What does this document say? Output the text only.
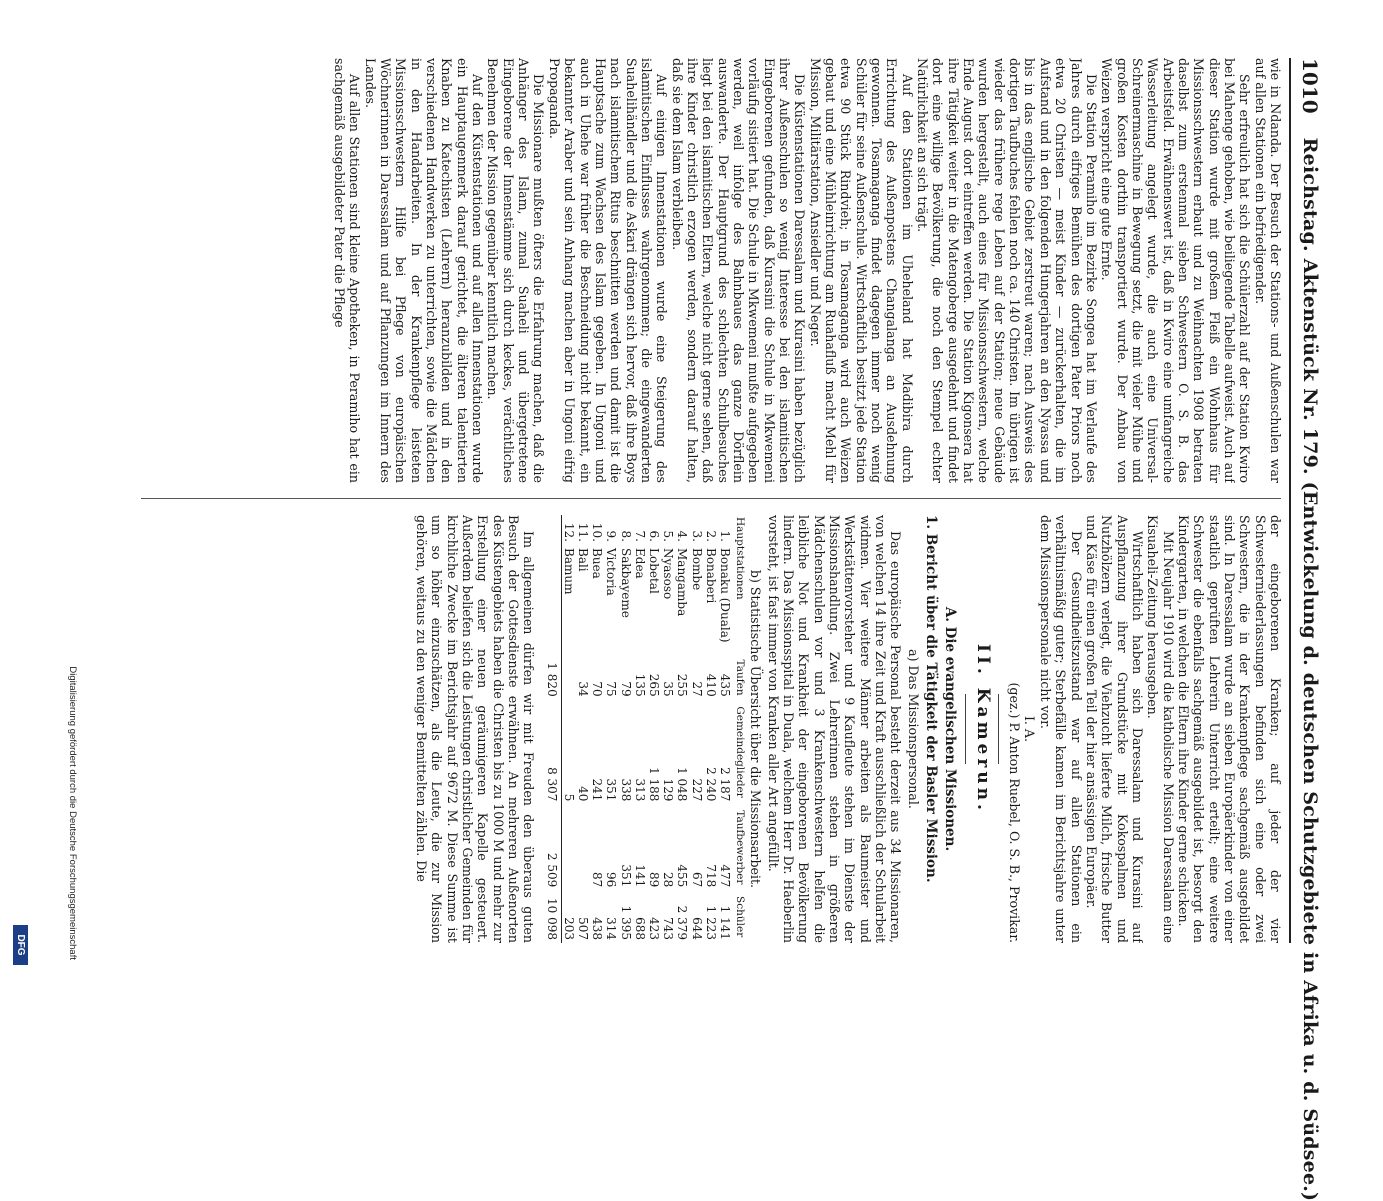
1010
Reichstag. Aktenstück Nr. 179. (Entwickelung d. deutschen Schutzgebiete in Afrika u. d. Südsee.)

wie in Ndanda. Der Besuch der Stations- und Außenschulen war auf allen Stationen ein befriedigender.

Sehr erfreulich hat sich die Schülerzahl auf der Station Kwiro bei Mahenge gehoben, wie beiliegende Tabelle aufweist. Auch auf dieser Station wurde mit großem Fleiß ein Wohnhaus für Missionsschwestern erbaut und zu Weihnachten 1908 betraten daselbst zum erstenmal sieben Schwestern O. S. B. das Arbeitsfeld. Erwähnenswert ist, daß in Kwiro eine umfangreiche Wasserleitung angelegt wurde, die auch eine Universal-Schreinermaschine in Bewegung setzt, die mit vieler Mühe und großen Kosten dorthin transportiert wurde. Der Anbau von Weizen verspricht eine gute Ernte.

Die Station Peramiho im Bezirke Songea hat im Verlaufe des Jahres durch eifriges Bemühen des dortigen Pater Priors noch etwa 20 Christen — meist Kinder — zurückerhalten, die im Aufstand und in den folgenden Hungerjahren an den Nyassa und bis in das englische Gebiet zerstreut waren; nach Ausweis des dortigen Taufbuches fehlen noch ca. 140 Christen. Im übrigen ist wieder das frühere rege Leben auf der Station; neue Gebäude wurden hergestellt, auch eines für Missionsschwestern, welche Ende August dort eintreffen werden. Die Station Kigonsera hat ihre Tätigkeit weiter in die Matengoberge ausgedehnt und findet dort eine willige Bevölkerung, die noch den Stempel echter Natürlichkeit an sich trägt.

Auf den Stationen im Uheheland hat Madibira durch Errichtung des Außenpostens Changalanga an Ausdehnung gewonnen. Tosamaganga findet dagegen immer noch wenig Schüler für seine Außenschule. Wirtschaftlich besitzt jede Station etwa 90 Stück Rindvieh; in Tosamaganga wird auch Weizen gebaut und eine Mühleinrichtung am Ruahafluß macht Mehl für Mission, Militärstation, Ansiedler und Neger.

Die Küstenstationen Daressalam und Kurasini haben bezüglich ihrer Außenschulen so wenig Interesse bei den islamitischen Eingeborenen gefunden, daß Kurasini die Schule in Mkwemeni vorläufig sistiert hat. Die Schule in Mkwemeni mußte aufgegeben werden, weil infolge des Bahnbaues das ganze Dörflein auswanderte. Der Hauptgrund des schlechten Schulbesuches liegt bei den islamitischen Eltern, welche nicht gerne sehen, daß ihre Kinder christlich erzogen werden, sondern darauf halten, daß sie dem Islam verbleiben.

Auf einigen Innenstationen wurde eine Steigerung des islamitischen Einflusses wahrgenommen; die eingewanderten Suahelihändler und die Askari drängen sich hervor, daß ihre Boys nach islamitischem Ritus beschnitten werden und damit ist die Hauptsache zum Wachsen des Islam gegeben. In Ungoni und auch in Uhehe war früher die Beschneidung nicht bekannt, ein bekannter Araber und sein Anhang machen aber in Ungoni eifrig Propaganda.

Die Missionare mußten öfters die Erfahrung machen, daß die Anhänger des Islam, zumal Suaheli und übergetretene Eingeborene der Innenstämme sich durch keckes, verächtliches Benehmen der Mission gegenüber kenntlich machen.

Auf den Küstenstationen und auf allen Innenstationen wurde ein Hauptaugenmerk darauf gerichtet, die älteren talentierten Knaben zu Katechisten (Lehrern) heranzubilden und in den verschiedenen Handwerken zu unterrichten, sowie die Mädchen in den Handarbeiten. In der Krankenpflege leisteten Missionsschwestern Hilfe bei Pflege von europäischen Wöchnerinnen in Daressalam und auf Pflanzungen im Innern des Landes.

Auf allen Stationen sind kleine Apotheken, in Peramiho hat ein sachgemäß ausgebildeter Pater die Pflege

der eingeborenen Kranken; auf jeder der vier Schwesterniederlassungen befinden sich eine oder zwei Schwestern, die in der Krankenpflege sachgemäß ausgebildet sind. In Daressalam wurde an sieben Europäerkinder von einer staatlich geprüften Lehrerin Unterricht erteilt; eine weitere Schwester die ebenfalls sachgemäß ausgebildet ist, besorgt den Kindergarten, in welchen die Eltern ihre Kinder gerne schicken.

Mit Neujahr 1910 wird die katholische Mission Daressalam eine Kisuaheli-Zeitung herausgeben.

Wirtschaftlich haben sich Daressalam und Kurasini auf Auspflanzung ihrer Grundstücke mit Kokospalmen und Nutzhölzern verlegt, die Viehzucht lieferte Milch, frische Butter und Käse für einen großen Teil der hier ansässigen Europäer.

Der Gesundheitszustand war auf allen Stationen ein verhältnismäßig guter; Sterbefälle kamen im Berichtsjahre unter dem Missionspersonale nicht vor.

I. A.
(gez.) P. Anton Ruebel, O. S. B., Provikar.
II. Kamerun.
A. Die evangelischen Missionen.
1. Bericht über die Tätigkeit der Basler Mission.
a) Das Missionspersonal.

Das europäische Personal besteht derzeit aus 34 Missionaren, von welchen 14 ihre Zeit und Kraft ausschließlich der Schularbeit widmen. Vier weitere Männer arbeiten als Baumeister und Werkstättenvorsteher und 9 Kaufleute stehen im Dienste der Missionshandlung. Zwei Lehrerinnen stehen in größeren Mädchenschulen vor und 3 Krankenschwestern helfen die leibliche Not und Krankheit der eingeborenen Bevölkerung lindern. Das Missionsspital in Duala, welchem Herr Dr. Haeberlin vorsteht, ist fast immer von Kranken aller Art angefüllt.

b) Statistische Übersicht über die Missionsarbeit.
Hauptstationen		Taufen	Gemeindeglieder	Taufbewerber	Schüler
1.	Bonaku (Duala)	435	2 187	477	1 141
2.	Bonaberi	410	2 240	718	1 223
3.	Bombe	27	227	67	644
4.	Mangamba	255	1 048	455	2 379
5.	Nyasoso	35	129	28	743
6.	Lobetal	265	1 188	89	423
7.	Edea	135	313	141	688
8.	Sakbayeme	79	338	351	1 395
9.	Victoria	75	351	96	314
10.	Buea	70	241	87	438
11.	Bali	34	40		507
12.	Bamum		5		203
		1 820	8 307	2 509	10 098

Im allgemeinen dürfen wir mit Freuden den überaus guten Besuch der Gottesdienste erwähnen. An mehreren Außenorten des Küstengebiets haben die Christen bis zu 1000 M und mehr zur Erstellung einer neuen geräumigeren Kapelle gesteuert. Außerdem beliefen sich die Leistungen christlicher Gemeinden für kirchliche Zwecke im Berichtsjahr auf 9672 M. Diese Summe ist um so höher einzuschätzen, als die Leute, die zur Mission gehören, weitaus zu den weniger Bemittelten zählen. Die

Digitalisierung gefördert durch die Deutsche Forschungsgemeinschaft
DFG
